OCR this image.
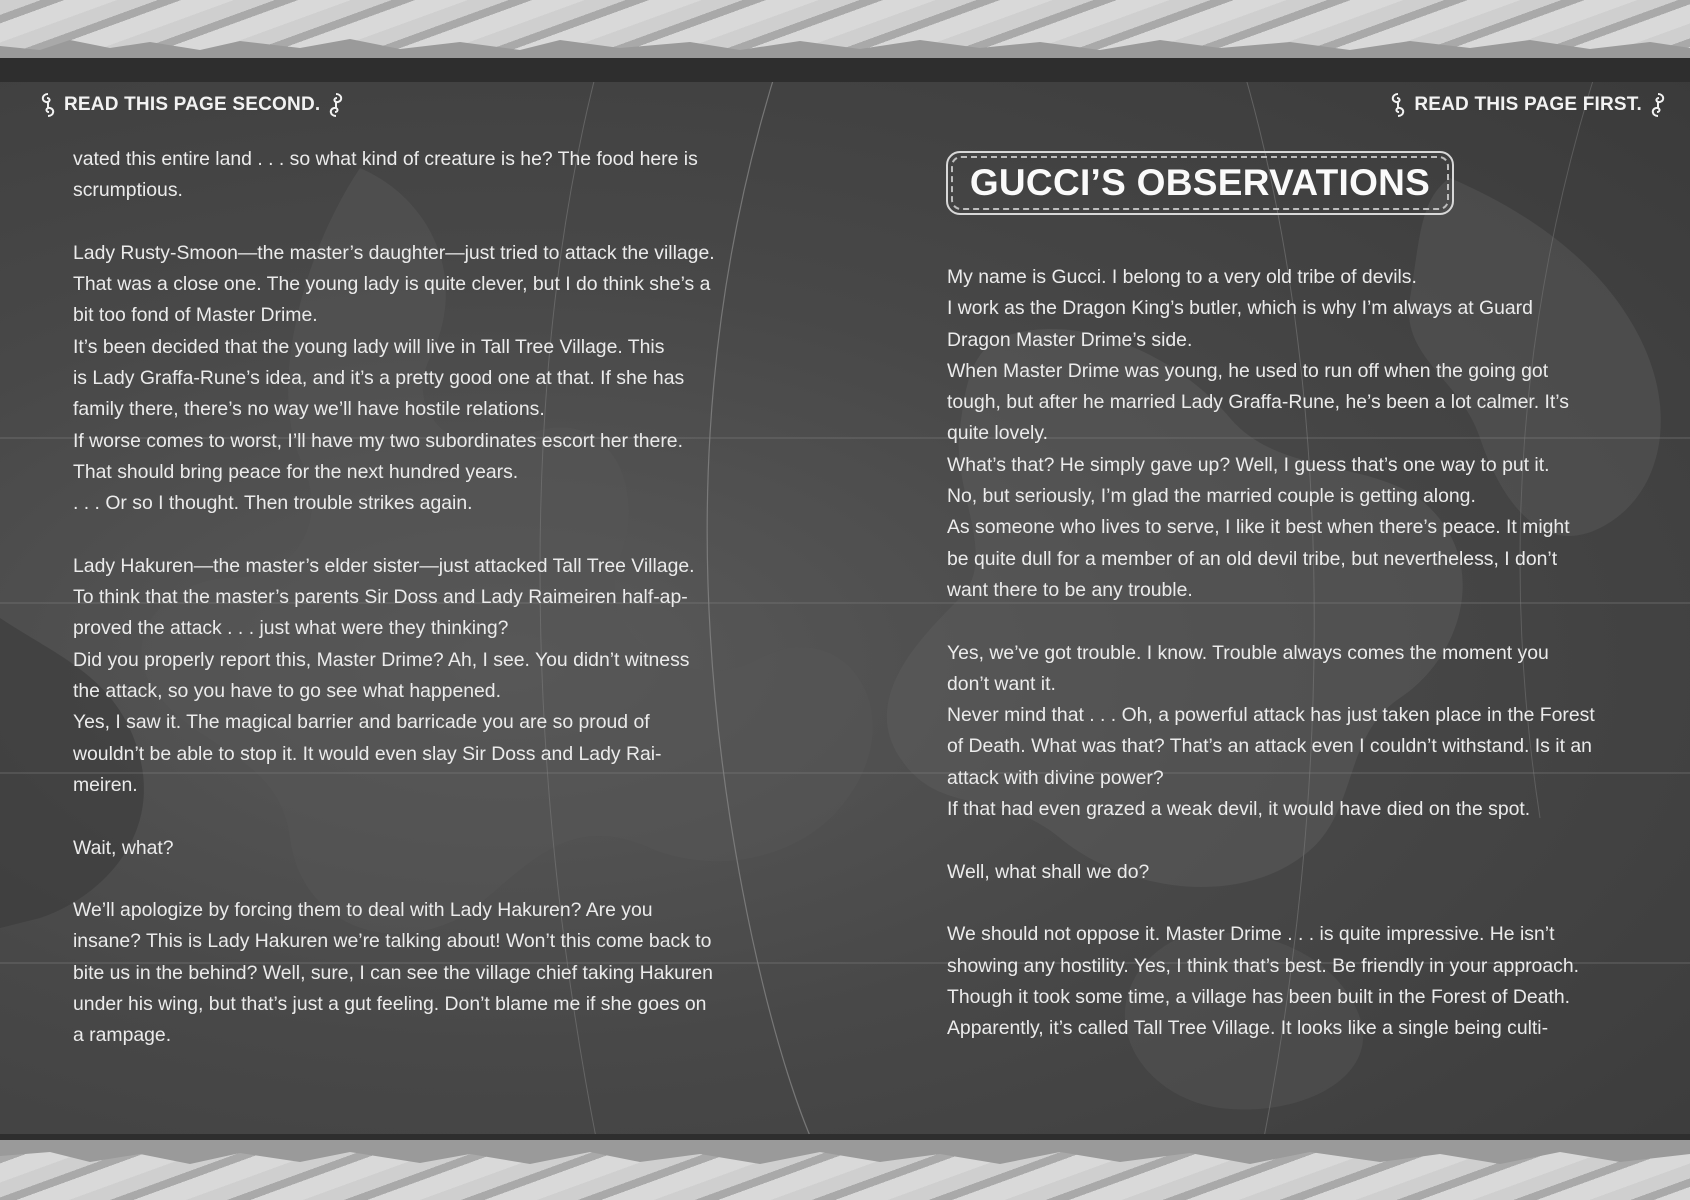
READ THIS PAGE SECOND.	READ THIS PAGE FIRST.
GUCCI’S OBSERVATIONS

vated this entire land . . . so what kind of creature is he? The food here is

scrumptious.

Lady Rusty-Smoon—the master’s daughter—just tried to attack the village.

That was a close one. The young lady is quite clever, but I do think she’s a

bit too fond of Master Drime.

It’s been decided that the young lady will live in Tall Tree Village. This

is Lady Graffa-Rune’s idea, and it’s a pretty good one at that. If she has

family there, there’s no way we’ll have hostile relations.

If worse comes to worst, I’ll have my two subordinates escort her there.

That should bring peace for the next hundred years.

. . . Or so I thought. Then trouble strikes again.

Lady Hakuren—the master’s elder sister—just attacked Tall Tree Village.

To think that the master’s parents Sir Doss and Lady Raimeiren half-ap-

proved the attack . . . just what were they thinking?

Did you properly report this, Master Drime? Ah, I see. You didn’t witness

the attack, so you have to go see what happened.

Yes, I saw it. The magical barrier and barricade you are so proud of

wouldn’t be able to stop it. It would even slay Sir Doss and Lady Rai-

meiren.

Wait, what?

We’ll apologize by forcing them to deal with Lady Hakuren? Are you

insane? This is Lady Hakuren we’re talking about! Won’t this come back to

bite us in the behind? Well, sure, I can see the village chief taking Hakuren

under his wing, but that’s just a gut feeling. Don’t blame me if she goes on

a rampage.

My name is Gucci. I belong to a very old tribe of devils.

I work as the Dragon King’s butler, which is why I’m always at Guard

Dragon Master Drime’s side.

When Master Drime was young, he used to run off when the going got

tough, but after he married Lady Graffa-Rune, he’s been a lot calmer. It’s

quite lovely.

What’s that? He simply gave up? Well, I guess that’s one way to put it.

No, but seriously, I’m glad the married couple is getting along.

As someone who lives to serve, I like it best when there’s peace. It might

be quite dull for a member of an old devil tribe, but nevertheless, I don’t

want there to be any trouble.

Yes, we’ve got trouble. I know. Trouble always comes the moment you

don’t want it.

Never mind that . . . Oh, a powerful attack has just taken place in the Forest

of Death. What was that? That’s an attack even I couldn’t withstand. Is it an

attack with divine power?

If that had even grazed a weak devil, it would have died on the spot.

Well, what shall we do?

We should not oppose it. Master Drime . . . is quite impressive. He isn’t

showing any hostility. Yes, I think that’s best. Be friendly in your approach.

Though it took some time, a village has been built in the Forest of Death.

Apparently, it’s called Tall Tree Village. It looks like a single being culti-
